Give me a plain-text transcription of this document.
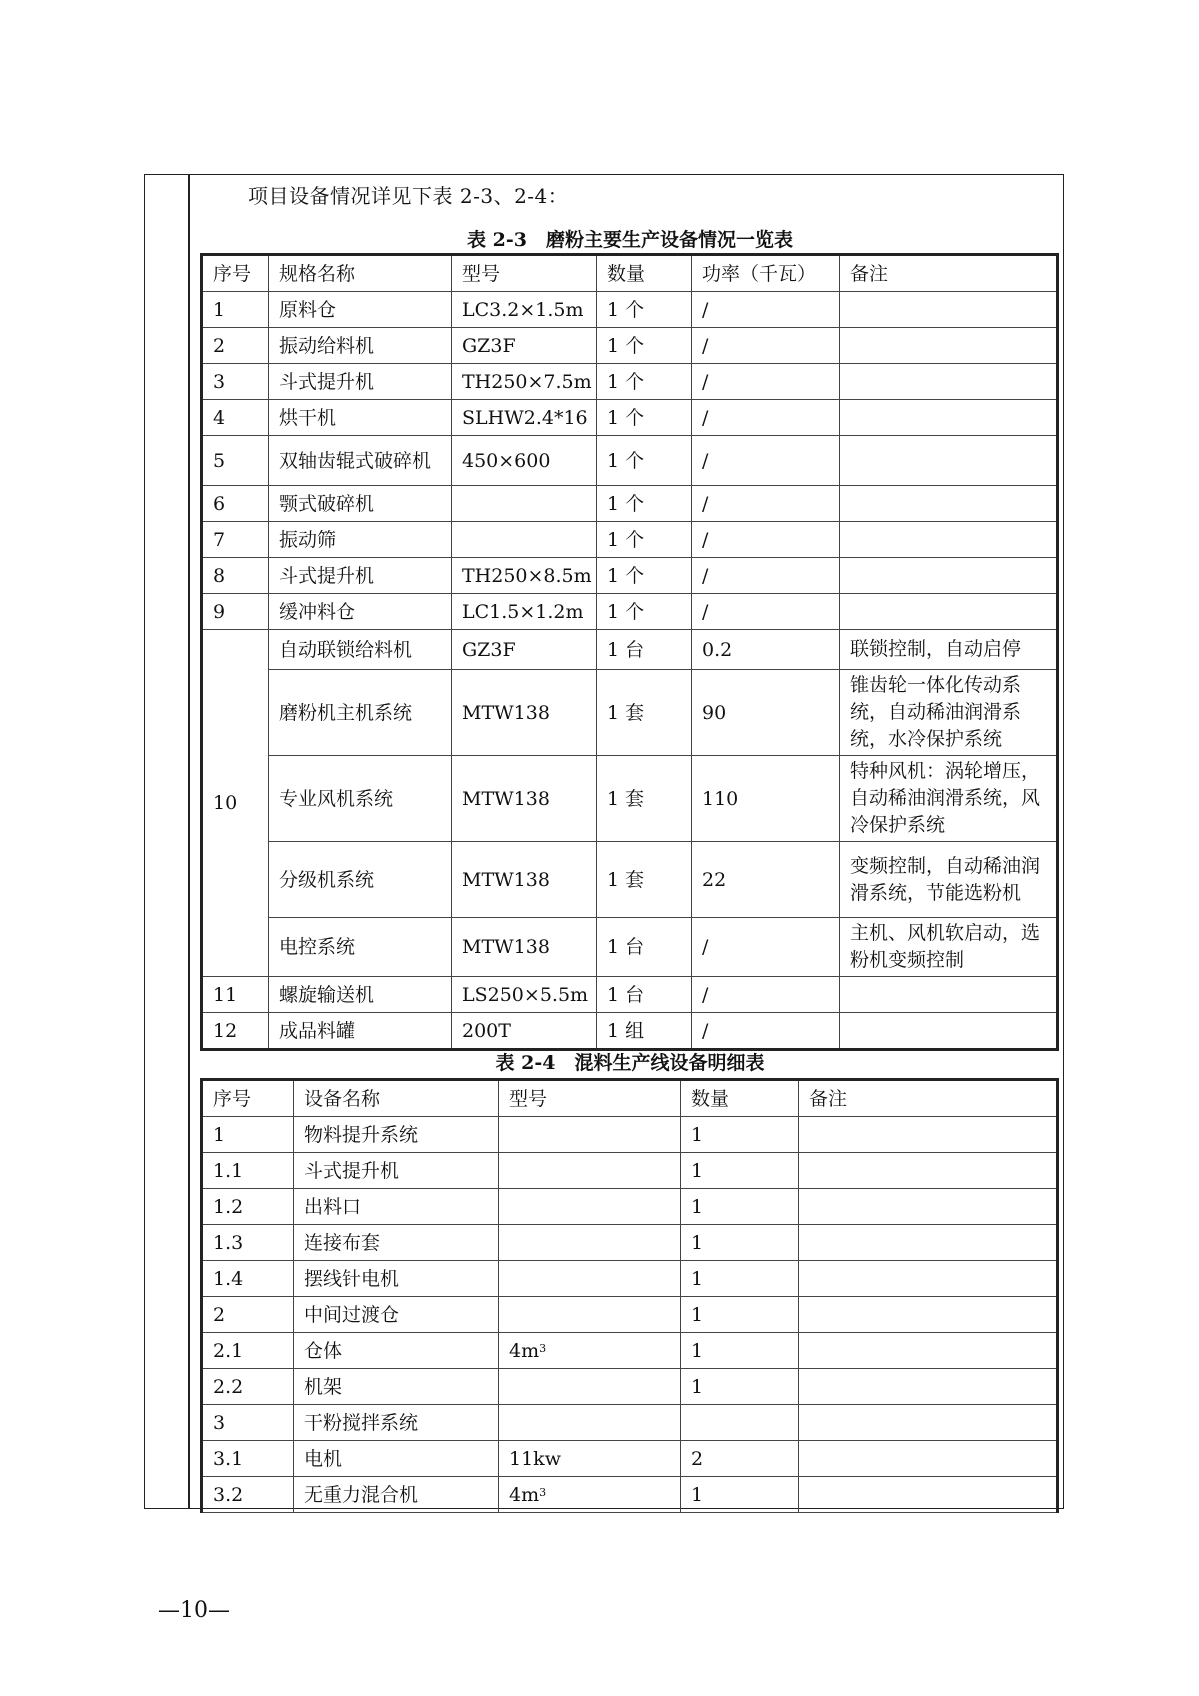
项目设备情况详见下表 2-3、2-4：
表 2-3　磨粉主要生产设备情况一览表
序号	规格名称	型号	数量	功率（千瓦）	备注
1	原料仓	LC3.2×1.5m	1 个	/	
2	振动给料机	GZ3F	1 个	/	
3	斗式提升机	TH250×7.5m	1 个	/	
4	烘干机	SLHW2.4*16	1 个	/	
5	双轴齿辊式破碎机	450×600	1 个	/	
6	颚式破碎机		1 个	/	
7	振动筛		1 个	/	
8	斗式提升机	TH250×8.5m	1 个	/	
9	缓冲料仓	LC1.5×1.2m	1 个	/	
10	自动联锁给料机	GZ3F	1 台	0.2	联锁控制，自动启停
	磨粉机主机系统	MTW138	1 套	90	锥齿轮一体化传动系统，自动稀油润滑系统，水冷保护系统
	专业风机系统	MTW138	1 套	110	特种风机：涡轮增压，自动稀油润滑系统，风冷保护系统
	分级机系统	MTW138	1 套	22	变频控制，自动稀油润滑系统，节能选粉机
	电控系统	MTW138	1 台	/	主机、风机软启动，选粉机变频控制
11	螺旋输送机	LS250×5.5m	1 台	/	
12	成品料罐	200T	1 组	/	
表 2-4　混料生产线设备明细表
序号	设备名称	型号	数量	备注
1	物料提升系统		1	
1.1	斗式提升机		1	
1.2	出料口		1	
1.3	连接布套		1	
1.4	摆线针电机		1	
2	中间过渡仓		1	
2.1	仓体	$4m^3$	1	
2.2	机架		1	
3	干粉搅拌系统			
3.1	电机	11kw	2	
3.2	无重力混合机	$4m^3$	1	
—10—
